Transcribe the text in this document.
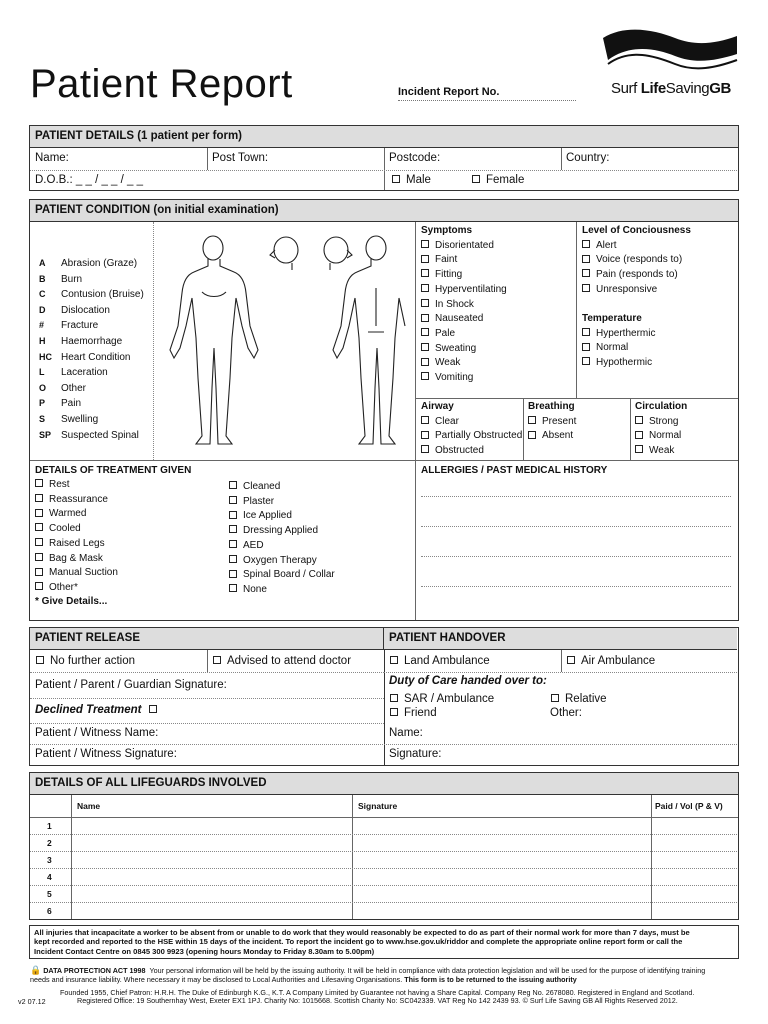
Patient Report	Incident Report No.	Surf LifeSavingGB
PATIENT DETAILS (1 patient per form)
Name:	Post Town:	Postcode:	Country:
D.O.B.: _ _ / _ _ / _ _	Male	Female
PATIENT CONDITION (on initial examination)
A Abrasion (Graze)
B Burn
C Contusion (Bruise)
D Dislocation
# Fracture
H Haemorrhage
HC Heart Condition
L Laceration
O Other
P Pain
S Swelling
SP Suspected Spinal
Symptoms
Disorientated
Faint
Fitting
Hyperventilating
In Shock
Nauseated
Pale
Sweating
Weak
Vomiting
Level of Conciousness
Alert
Voice (responds to)
Pain (responds to)
Unresponsive
Temperature
Hyperthermic
Normal
Hypothermic
Airway
Clear
Partially Obstructed
Obstructed
Breathing
Present
Absent
Circulation
Strong
Normal
Weak
DETAILS OF TREATMENT GIVEN
Rest
Reassurance
Warmed
Cooled
Raised Legs
Bag & Mask
Manual Suction
Other*
Cleaned
Plaster
Ice Applied
Dressing Applied
AED
Oxygen Therapy
Spinal Board / Collar
None
* Give Details...
ALLERGIES / PAST MEDICAL HISTORY
PATIENT RELEASE	PATIENT HANDOVER
No further action	Advised to attend doctor
Patient / Parent / Guardian Signature:
Declined Treatment
Patient / Witness Name:
Patient / Witness Signature:
Land Ambulance	Air Ambulance
Duty of Care handed over to:
SAR / Ambulance	Relative
Friend	Other:
Name:
Signature:
DETAILS OF ALL LIFEGUARDS INVOLVED
Name	Signature	Paid / Vol (P & V)
1
2
3
4
5
6
All injuries that incapacitate a worker to be absent from or unable to do work that they would reasonably be expected to do as part of their normal work for more than 7 days, must be
kept recorded and reported to the HSE within 15 days of the incident. To report the incident go to www.hse.gov.uk/riddor and complete the appropriate online report form or call the
Incident Contact Centre on 0845 300 9923 (opening hours Monday to Friday 8.30am to 5.00pm)
🔒 DATA PROTECTION ACT 1998 Your personal information will be held by the issuing authority. It will be held in compliance with data protection legislation and will be used for the purpose of identifying training
needs and insurance liability. Where necessary it may be disclosed to Local Authorities and Lifesaving Organisations. This form is to be returned to the issuing authority
Founded 1955, Chief Patron: H.R.H. The Duke of Edinburgh K.G., K.T. A Company Limited by Guarantee not having a Share Capital. Company Reg No. 2678080. Registered in England and Scotland.
v2 07.12	Registered Office: 19 Southernhay West, Exeter EX1 1PJ. Charity No: 1015668. Scottish Charity No: SC042339. VAT Reg No 142 2439 93. © Surf Life Saving GB All Rights Reserved 2012.
